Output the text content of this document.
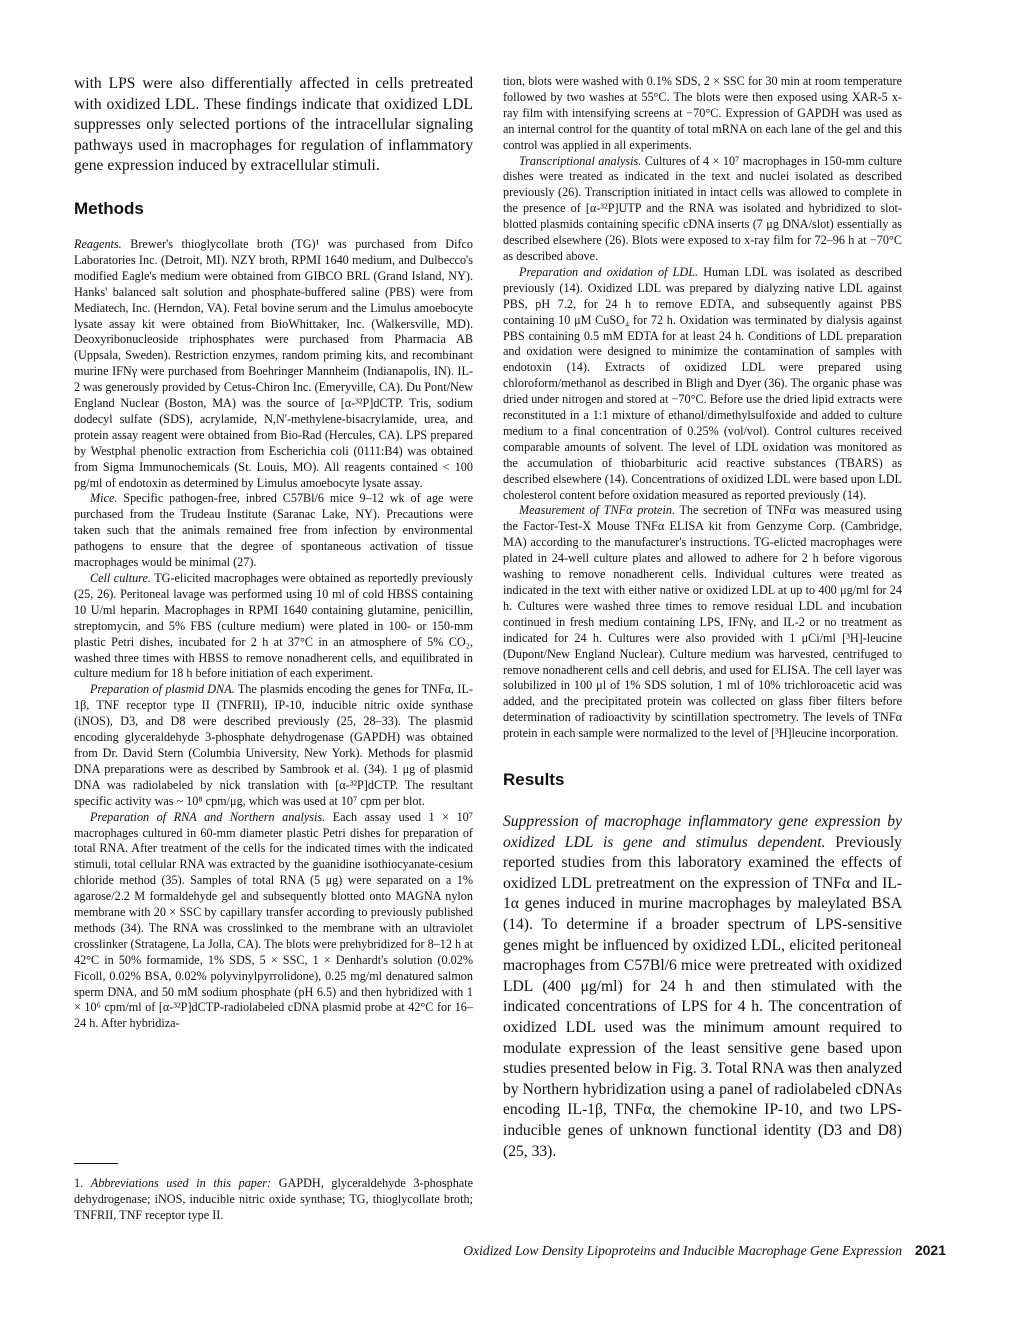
with LPS were also differentially affected in cells pretreated with oxidized LDL. These findings indicate that oxidized LDL suppresses only selected portions of the intracellular signaling pathways used in macrophages for regulation of inflammatory gene expression induced by extracellular stimuli.

Methods

Reagents. Brewer's thioglycollate broth (TG)¹ was purchased from Difco Laboratories Inc. (Detroit, MI). NZY broth, RPMI 1640 medium, and Dulbecco's modified Eagle's medium were obtained from GIBCO BRL (Grand Island, NY). Hanks' balanced salt solution and phosphate-buffered saline (PBS) were from Mediatech, Inc. (Herndon, VA). Fetal bovine serum and the Limulus amoebocyte lysate assay kit were obtained from BioWhittaker, Inc. (Walkersville, MD). Deoxyribonucleoside triphosphates were purchased from Pharmacia AB (Uppsala, Sweden). Restriction enzymes, random priming kits, and recombinant murine IFNγ were purchased from Boehringer Mannheim (Indianapolis, IN). IL-2 was generously provided by Cetus-Chiron Inc. (Emeryville, CA). Du Pont/New England Nuclear (Boston, MA) was the source of [α-³²P]dCTP. Tris, sodium dodecyl sulfate (SDS), acrylamide, N,N'-methylene-bisacrylamide, urea, and protein assay reagent were obtained from Bio-Rad (Hercules, CA). LPS prepared by Westphal phenolic extraction from Escherichia coli (0111:B4) was obtained from Sigma Immunochemicals (St. Louis, MO). All reagents contained < 100 pg/ml of endotoxin as determined by Limulus amoebocyte lysate assay.

Mice. Specific pathogen-free, inbred C57Bl/6 mice 9–12 wk of age were purchased from the Trudeau Institute (Saranac Lake, NY). Precautions were taken such that the animals remained free from infection by environmental pathogens to ensure that the degree of spontaneous activation of tissue macrophages would be minimal (27).

Cell culture. TG-elicited macrophages were obtained as reportedly previously (25, 26). Peritoneal lavage was performed using 10 ml of cold HBSS containing 10 U/ml heparin. Macrophages in RPMI 1640 containing glutamine, penicillin, streptomycin, and 5% FBS (culture medium) were plated in 100- or 150-mm plastic Petri dishes, incubated for 2 h at 37°C in an atmosphere of 5% CO₂, washed three times with HBSS to remove nonadherent cells, and equilibrated in culture medium for 18 h before initiation of each experiment.

Preparation of plasmid DNA. The plasmids encoding the genes for TNFα, IL-1β, TNF receptor type II (TNFRII), IP-10, inducible nitric oxide synthase (iNOS), D3, and D8 were described previously (25, 28–33). The plasmid encoding glyceraldehyde 3-phosphate dehydrogenase (GAPDH) was obtained from Dr. David Stern (Columbia University, New York). Methods for plasmid DNA preparations were as described by Sambrook et al. (34). 1 μg of plasmid DNA was radiolabeled by nick translation with [α-³²P]dCTP. The resultant specific activity was ~ 10⁸ cpm/μg, which was used at 10⁷ cpm per blot.

Preparation of RNA and Northern analysis. Each assay used 1 × 10⁷ macrophages cultured in 60-mm diameter plastic Petri dishes for preparation of total RNA. After treatment of the cells for the indicated times with the indicated stimuli, total cellular RNA was extracted by the guanidine isothiocyanate-cesium chloride method (35). Samples of total RNA (5 μg) were separated on a 1% agarose/2.2 M formaldehyde gel and subsequently blotted onto MAGNA nylon membrane with 20 × SSC by capillary transfer according to previously published methods (34). The RNA was crosslinked to the membrane with an ultraviolet crosslinker (Stratagene, La Jolla, CA). The blots were prehybridized for 8–12 h at 42°C in 50% formamide, 1% SDS, 5 × SSC, 1 × Denhardt's solution (0.02% Ficoll, 0.02% BSA, 0.02% polyvinylpyrrolidone), 0.25 mg/ml denatured salmon sperm DNA, and 50 mM sodium phosphate (pH 6.5) and then hybridized with 1 × 10⁶ cpm/ml of [α-³²P]dCTP-radiolabeled cDNA plasmid probe at 42°C for 16–24 h. After hybridiza-

tion, blots were washed with 0.1% SDS, 2 × SSC for 30 min at room temperature followed by two washes at 55°C. The blots were then exposed using XAR-5 x-ray film with intensifying screens at −70°C. Expression of GAPDH was used as an internal control for the quantity of total mRNA on each lane of the gel and this control was applied in all experiments.

Transcriptional analysis. Cultures of 4 × 10⁷ macrophages in 150-mm culture dishes were treated as indicated in the text and nuclei isolated as described previously (26). Transcription initiated in intact cells was allowed to complete in the presence of [α-³²P]UTP and the RNA was isolated and hybridized to slot-blotted plasmids containing specific cDNA inserts (7 μg DNA/slot) essentially as described elsewhere (26). Blots were exposed to x-ray film for 72–96 h at −70°C as described above.

Preparation and oxidation of LDL. Human LDL was isolated as described previously (14). Oxidized LDL was prepared by dialyzing native LDL against PBS, pH 7.2, for 24 h to remove EDTA, and subsequently against PBS containing 10 μM CuSO₄ for 72 h. Oxidation was terminated by dialysis against PBS containing 0.5 mM EDTA for at least 24 h. Conditions of LDL preparation and oxidation were designed to minimize the contamination of samples with endotoxin (14). Extracts of oxidized LDL were prepared using chloroform/methanol as described in Bligh and Dyer (36). The organic phase was dried under nitrogen and stored at −70°C. Before use the dried lipid extracts were reconstituted in a 1:1 mixture of ethanol/dimethylsulfoxide and added to culture medium to a final concentration of 0.25% (vol/vol). Control cultures received comparable amounts of solvent. The level of LDL oxidation was monitored as the accumulation of thiobarbituric acid reactive substances (TBARS) as described elsewhere (14). Concentrations of oxidized LDL were based upon LDL cholesterol content before oxidation measured as reported previously (14).

Measurement of TNFα protein. The secretion of TNFα was measured using the Factor-Test-X Mouse TNFα ELISA kit from Genzyme Corp. (Cambridge, MA) according to the manufacturer's instructions. TG-elicted macrophages were plated in 24-well culture plates and allowed to adhere for 2 h before vigorous washing to remove nonadherent cells. Individual cultures were treated as indicated in the text with either native or oxidized LDL at up to 400 μg/ml for 24 h. Cultures were washed three times to remove residual LDL and incubation continued in fresh medium containing LPS, IFNγ, and IL-2 or no treatment as indicated for 24 h. Cultures were also provided with 1 μCi/ml [³H]-leucine (Dupont/New England Nuclear). Culture medium was harvested, centrifuged to remove nonadherent cells and cell debris, and used for ELISA. The cell layer was solubilized in 100 μl of 1% SDS solution, 1 ml of 10% trichloroacetic acid was added, and the precipitated protein was collected on glass fiber filters before determination of radioactivity by scintillation spectrometry. The levels of TNFα protein in each sample were normalized to the level of [³H]leucine incorporation.

Results

Suppression of macrophage inflammatory gene expression by oxidized LDL is gene and stimulus dependent. Previously reported studies from this laboratory examined the effects of oxidized LDL pretreatment on the expression of TNFα and IL-1α genes induced in murine macrophages by maleylated BSA (14). To determine if a broader spectrum of LPS-sensitive genes might be influenced by oxidized LDL, elicited peritoneal macrophages from C57Bl/6 mice were pretreated with oxidized LDL (400 μg/ml) for 24 h and then stimulated with the indicated concentrations of LPS for 4 h. The concentration of oxidized LDL used was the minimum amount required to modulate expression of the least sensitive gene based upon studies presented below in Fig. 3. Total RNA was then analyzed by Northern hybridization using a panel of radiolabeled cDNAs encoding IL-1β, TNFα, the chemokine IP-10, and two LPS-inducible genes of unknown functional identity (D3 and D8) (25, 33).

1. Abbreviations used in this paper: GAPDH, glyceraldehyde 3-phosphate dehydrogenase; iNOS, inducible nitric oxide synthase; TG, thioglycollate broth; TNFRII, TNF receptor type II.

Oxidized Low Density Lipoproteins and Inducible Macrophage Gene Expression 2021
